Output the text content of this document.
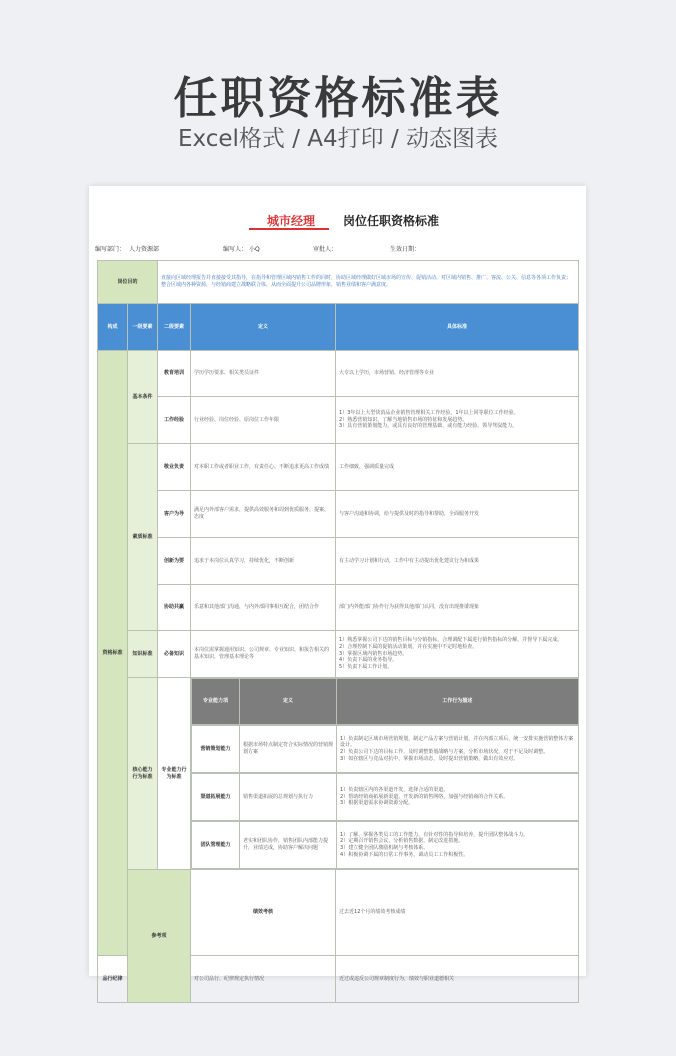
任职资格标准表
Excel格式 / A4打印 / 动态图表
城市经理 岗位任职资格标准
编写部门： 人力资源部	编写人： 小Q	审批人：	生效日期：
岗位目的	直接向区域经理报告并直接接受其指导，在指导和管理区域内销售工作的同时，协助区域经理做好区域市场的宣传、促销活动、对区域内销售、推广、客流、公关、信息等各项工作负责；整合区域内各种资源，与经销商建立战略联合体，从而全面提升公司品牌形象，销售业绩和客户满意度。
构成	一级要素	二级要素	定义	具体标准
资格标准	基本条件	教育培训	学历学历要求、相关类员证件	大专以上学历，市场营销、经济管理等专业
工作经验	行业经验、岗位经验、原岗位工作年限	1）3年以上大型快消品企业销售管理相关工作经验，1年以上同等职位工作经验。
2）熟悉营销知识，了解当地销售市场的特征和发展趋势。
3）具有营销策划能力，或具有良好的管理基础，或有能力经验、领导驾驭能力。
素质标准	敬业负责	对本职工作或者职业工作，有责任心、不断追求更高工作成绩	工作细致，强调质量完成
客户为导	满足内外部客户需求，提供高效服务和周到优质服务、提案、态度	与客户沟通和协调，给与提供及时的指导和帮助，全面服务开发
创新为要	追求于本岗位认真学习，持续优化，不断创新	有主动学习计划和行动，工作中有主动提出优化建议行为和成果
协助共赢	乐意和其他部门沟通，与内外部同事相互配合，团结合作	部门内外能部门协作行为获得其他部门认同，没有出现推诿现象
知识标准	必备知识	本岗位需掌握通用知识、公司规章、专业知识、和报告相关的基本知识，管理基本理论等	1）熟悉掌握公司下达的销售目标与分销指标，合理调配下属进行销售指标的分解，并督导下属完成。
2）合理控制下属的促销活动策划，并在实施中不定时地检查。
3）掌握区域内销售市场趋势。
4）负责下属的业务指导。
5）负责下属工作计划。
核心能力行为标准	专业能力行为标准	
专业能力项	定义	工作行为描述

营销策划能力	根据市场特点制定符合实际情况的营销规划方案	1）负责制定区域市场营销规划，制定产品方案与营销计划，并在内部立项后，统一安排实施营销整体方案设计。
2）负责公司下达的目标工作，及时调整策划战略与方案，分析市场状况，对于不足及时调整。
3）如在辖区与竞品对抗中，掌握市场动态，及时提出营销策略，做出有效应对。

渠道拓展能力	销售渠道拓展的总规划与执行力	1）负责辖区内的各渠道开发，选择合适的渠道。
2）帮助经销商拓展新渠道，开发新的销售网络，加强与经销商的合作关系。
3）根据渠道需求协调资源分配。

团队管理能力	老实和团队协作，销售团队内部能力提升，业绩达成，协助客户解决问题	1）了解、掌握各类员工的工作能力，有针对性的指导和培养，提升团队整体战斗力。
2）定期召开销售会议，分析销售数据，制定改进措施。
3）建立健全团队激励机制与考核体系。
4）积极协调下属的日常工作事务，调动员工工作积极性。

参考项	绩效考核	过去近12个月的绩效考核成绩	
品行纪律	对公司品行、纪律规定执行情况	近过或违反公司规章制度行为，绩效与职业道德相关
